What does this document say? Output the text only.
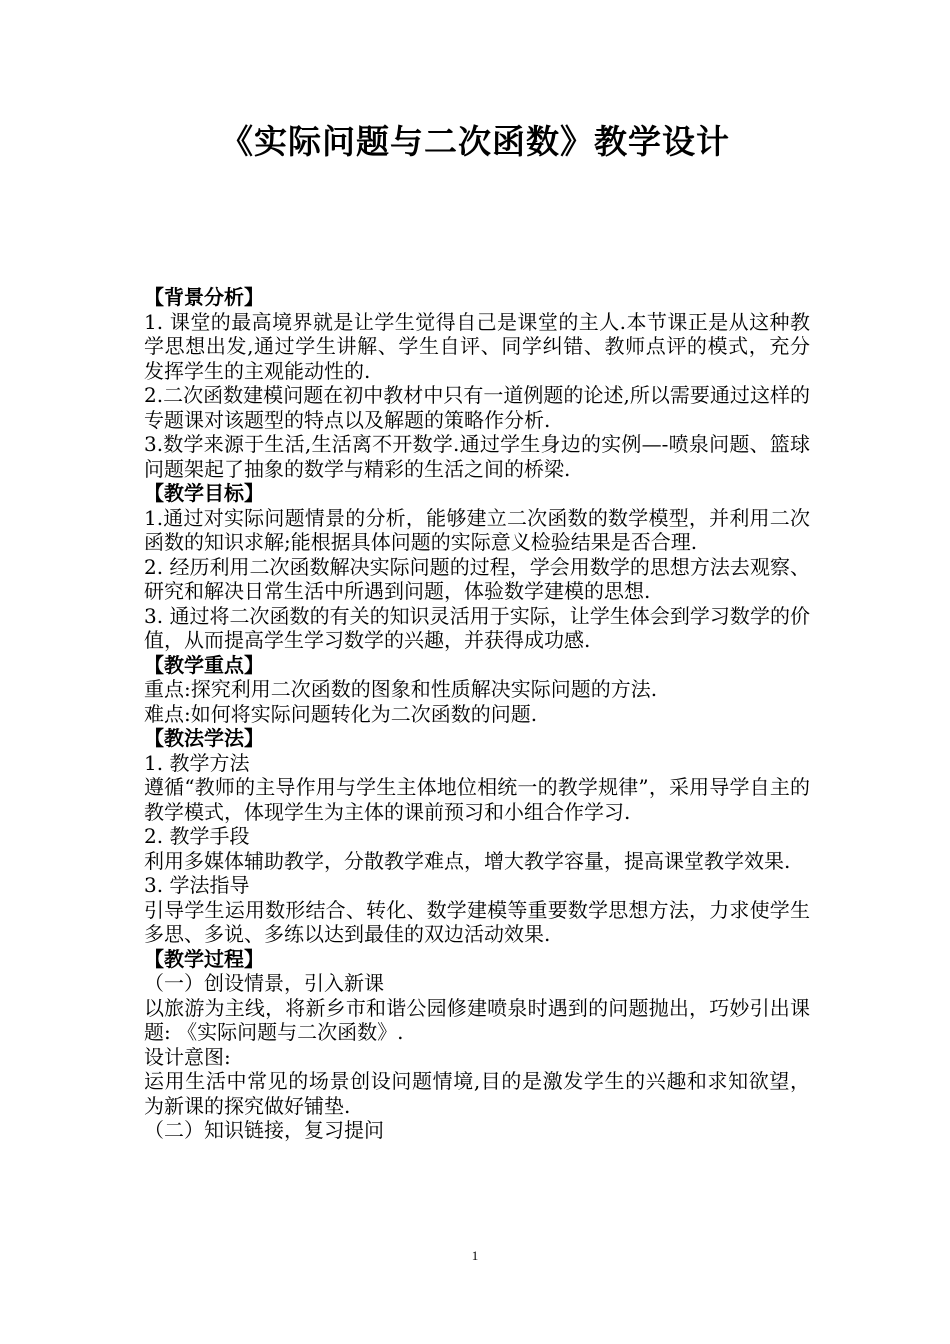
《实际问题与二次函数》教学设计

【背景分析】

1. 课堂的最高境界就是让学生觉得自己是课堂的主人.本节课正是从这种教学思想出发,通过学生讲解、学生自评、同学纠错、教师点评的模式，充分发挥学生的主观能动性的.

2.二次函数建模问题在初中教材中只有一道例题的论述,所以需要通过这样的专题课对该题型的特点以及解题的策略作分析.

3.数学来源于生活,生活离不开数学.通过学生身边的实例—-喷泉问题、篮球问题架起了抽象的数学与精彩的生活之间的桥梁.

【教学目标】

1.通过对实际问题情景的分析，能够建立二次函数的数学模型，并利用二次函数的知识求解;能根据具体问题的实际意义检验结果是否合理.

2. 经历利用二次函数解决实际问题的过程，学会用数学的思想方法去观察、研究和解决日常生活中所遇到问题，体验数学建模的思想.

3. 通过将二次函数的有关的知识灵活用于实际，让学生体会到学习数学的价值，从而提高学生学习数学的兴趣，并获得成功感.

【教学重点】

重点:探究利用二次函数的图象和性质解决实际问题的方法.

难点:如何将实际问题转化为二次函数的问题.

【教法学法】

1. 教学方法

遵循“教师的主导作用与学生主体地位相统一的教学规律”，采用导学自主的教学模式，体现学生为主体的课前预习和小组合作学习.

2. 教学手段

利用多媒体辅助教学，分散教学难点，增大教学容量，提高课堂教学效果.

3. 学法指导

引导学生运用数形结合、转化、数学建模等重要数学思想方法，力求使学生多思、多说、多练以达到最佳的双边活动效果.

【教学过程】

（一）创设情景，引入新课

以旅游为主线，将新乡市和谐公园修建喷泉时遇到的问题抛出，巧妙引出课题: 《实际问题与二次函数》.

设计意图:

运用生活中常见的场景创设问题情境,目的是激发学生的兴趣和求知欲望，为新课的探究做好铺垫.

（二）知识链接，复习提问

1
